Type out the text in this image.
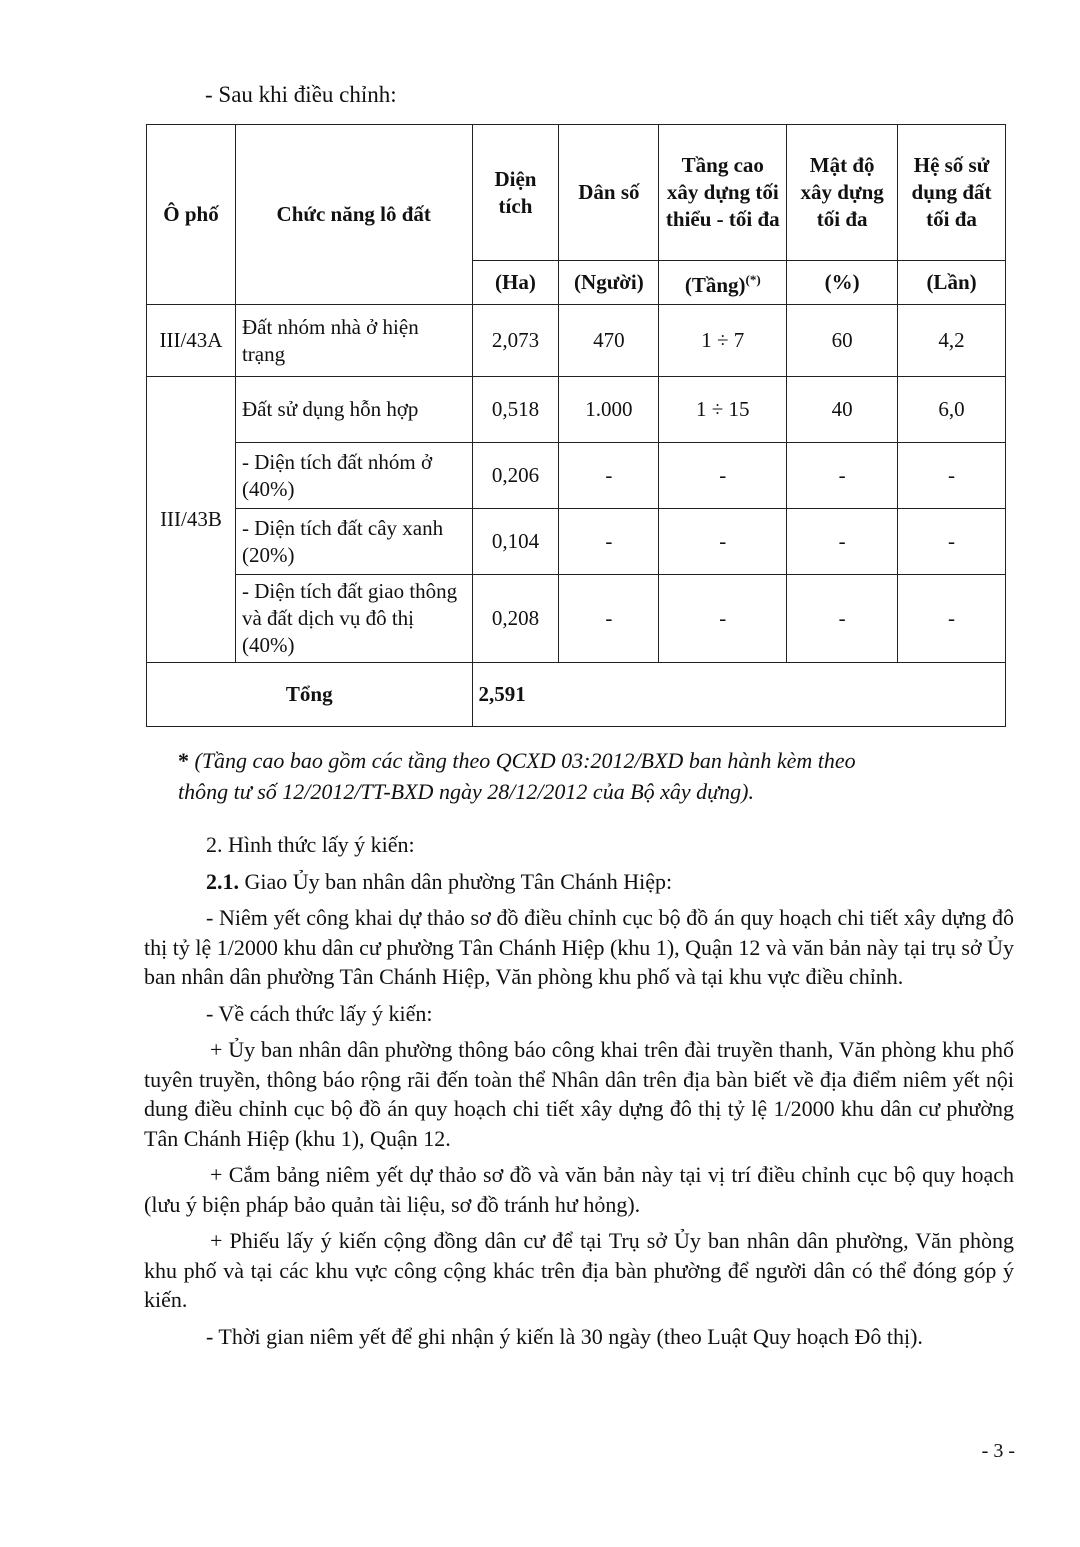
- Sau khi điều chỉnh:
Ô phố	Chức năng lô đất	Diện tích	Dân số	Tầng cao xây dựng tối thiểu - tối đa	Mật độ xây dựng tối đa	Hệ số sử dụng đất tối đa
		(Ha)	(Người)	(Tầng)(*)	(%)	(Lần)
III/43A	Đất nhóm nhà ở hiện trạng	2,073	470	1 ÷ 7	60	4,2
III/43B	Đất sử dụng hỗn hợp	0,518	1.000	1 ÷ 15	40	6,0
	- Diện tích đất nhóm ở (40%)	0,206	-	-	-	-
	- Diện tích đất cây xanh (20%)	0,104	-	-	-	-
	- Diện tích đất giao thông và đất dịch vụ đô thị (40%)	0,208	-	-	-	-
Tổng		2,591				
* (Tầng cao bao gồm các tầng theo QCXD 03:2012/BXD ban hành kèm theo
thông tư số 12/2012/TT-BXD ngày 28/12/2012 của Bộ xây dựng).

2. Hình thức lấy ý kiến:

2.1. Giao Ủy ban nhân dân phường Tân Chánh Hiệp:

- Niêm yết công khai dự thảo sơ đồ điều chỉnh cục bộ đồ án quy hoạch chi tiết xây dựng đô thị tỷ lệ 1/2000 khu dân cư phường Tân Chánh Hiệp (khu 1), Quận 12 và văn bản này tại trụ sở Ủy ban nhân dân phường Tân Chánh Hiệp, Văn phòng khu phố và tại khu vực điều chỉnh.

- Về cách thức lấy ý kiến:

+ Ủy ban nhân dân phường thông báo công khai trên đài truyền thanh, Văn phòng khu phố tuyên truyền, thông báo rộng rãi đến toàn thể Nhân dân trên địa bàn biết về địa điểm niêm yết nội dung điều chỉnh cục bộ đồ án quy hoạch chi tiết xây dựng đô thị tỷ lệ 1/2000 khu dân cư phường Tân Chánh Hiệp (khu 1), Quận 12.

+ Cắm bảng niêm yết dự thảo sơ đồ và văn bản này tại vị trí điều chỉnh cục bộ quy hoạch (lưu ý biện pháp bảo quản tài liệu, sơ đồ tránh hư hỏng).

+ Phiếu lấy ý kiến cộng đồng dân cư để tại Trụ sở Ủy ban nhân dân phường, Văn phòng khu phố và tại các khu vực công cộng khác trên địa bàn phường để người dân có thể đóng góp ý kiến.

- Thời gian niêm yết để ghi nhận ý kiến là 30 ngày (theo Luật Quy hoạch Đô thị).

- 3 -
